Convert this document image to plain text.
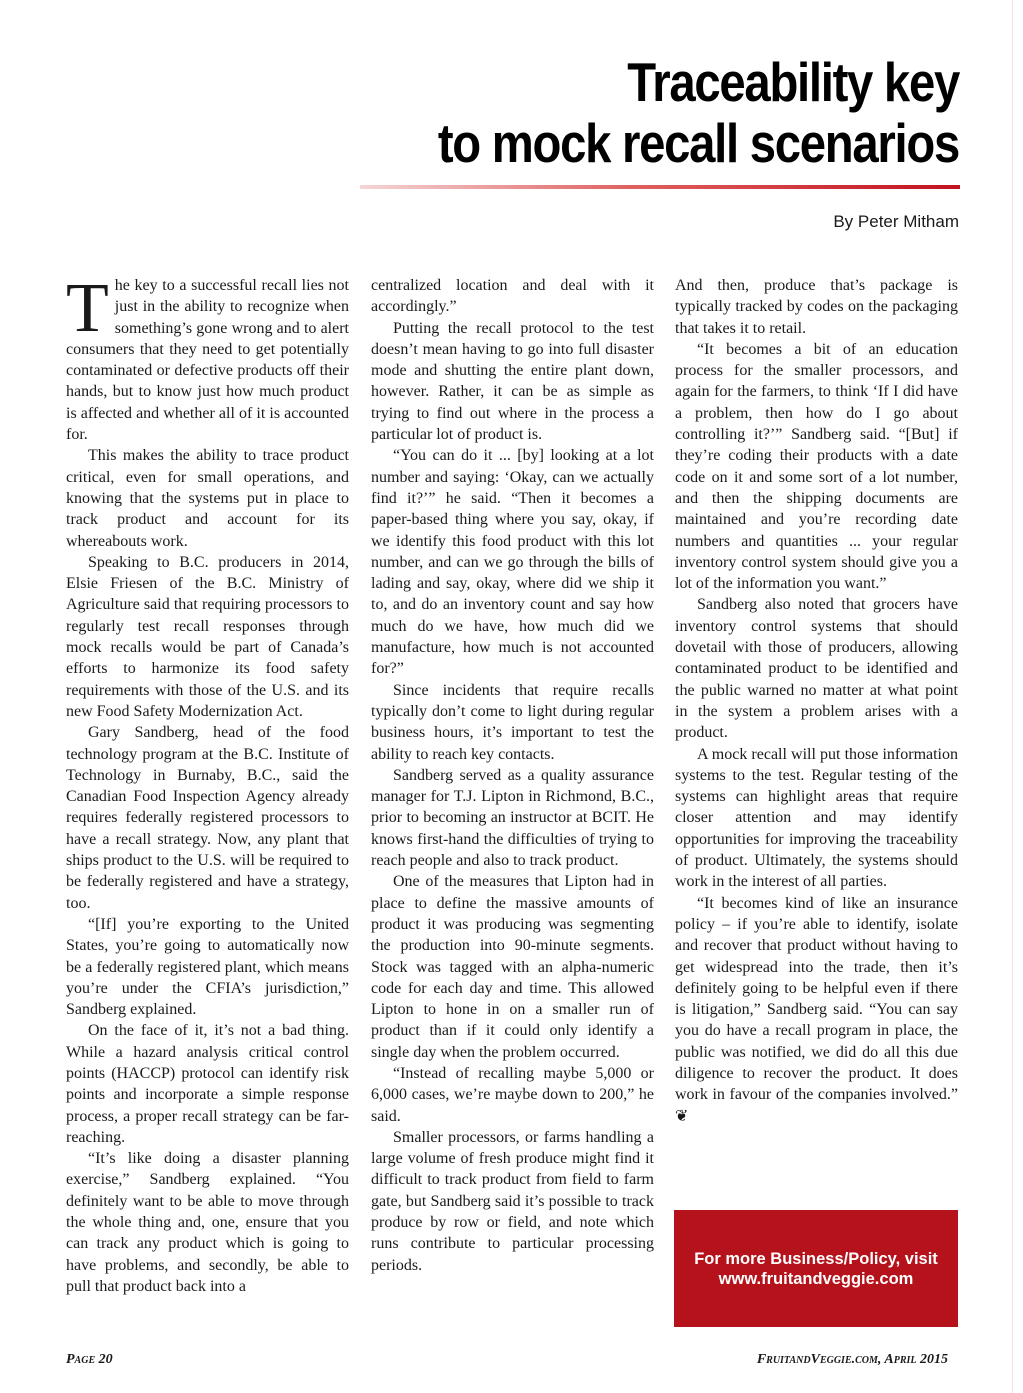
Traceability key
to mock recall scenarios
By Peter Mitham

The key to a successful recall lies not just in the ability to recognize when something’s gone wrong and to alert consumers that they need to get potentially contaminated or defective products off their hands, but to know just how much product is affected and whether all of it is accounted for.

This makes the ability to trace product critical, even for small operations, and knowing that the systems put in place to track product and account for its whereabouts work.

Speaking to B.C. producers in 2014, Elsie Friesen of the B.C. Ministry of Agriculture said that requiring processors to regularly test recall responses through mock recalls would be part of Canada’s efforts to harmonize its food safety requirements with those of the U.S. and its new Food Safety Modernization Act.

Gary Sandberg, head of the food technology program at the B.C. Institute of Technology in Burnaby, B.C., said the Canadian Food Inspection Agency already requires federally registered processors to have a recall strategy. Now, any plant that ships product to the U.S. will be required to be federally registered and have a strategy, too.

“[If] you’re exporting to the United States, you’re going to automatically now be a federally registered plant, which means you’re under the CFIA’s jurisdiction,” Sandberg explained.

On the face of it, it’s not a bad thing. While a hazard analysis critical control points (HACCP) protocol can identify risk points and incorporate a simple response process, a proper recall strategy can be far-reaching.

“It’s like doing a disaster planning exercise,” Sandberg explained. “You definitely want to be able to move through the whole thing and, one, ensure that you can track any product which is going to have problems, and secondly, be able to pull that product back into a

centralized location and deal with it accordingly.”

Putting the recall protocol to the test doesn’t mean having to go into full disaster mode and shutting the entire plant down, however. Rather, it can be as simple as trying to find out where in the process a particular lot of product is.

“You can do it ... [by] looking at a lot number and saying: ‘Okay, can we actually find it?’” he said. “Then it becomes a paper-based thing where you say, okay, if we identify this food product with this lot number, and can we go through the bills of lading and say, okay, where did we ship it to, and do an inventory count and say how much do we have, how much did we manufacture, how much is not accounted for?”

Since incidents that require recalls typically don’t come to light during regular business hours, it’s important to test the ability to reach key contacts.

Sandberg served as a quality assurance manager for T.J. Lipton in Richmond, B.C., prior to becoming an instructor at BCIT. He knows first-hand the difficulties of trying to reach people and also to track product.

One of the measures that Lipton had in place to define the massive amounts of product it was producing was segmenting the production into 90-minute segments. Stock was tagged with an alpha-numeric code for each day and time. This allowed Lipton to hone in on a smaller run of product than if it could only identify a single day when the problem occurred.

“Instead of recalling maybe 5,000 or 6,000 cases, we’re maybe down to 200,” he said.

Smaller processors, or farms handling a large volume of fresh produce might find it difficult to track product from field to farm gate, but Sandberg said it’s possible to track produce by row or field, and note which runs contribute to particular processing periods.

And then, produce that’s package is typically tracked by codes on the packaging that takes it to retail.

“It becomes a bit of an education process for the smaller processors, and again for the farmers, to think ‘If I did have a problem, then how do I go about controlling it?’” Sandberg said. “[But] if they’re coding their products with a date code on it and some sort of a lot number, and then the shipping documents are maintained and you’re recording date numbers and quantities ... your regular inventory control system should give you a lot of the information you want.”

Sandberg also noted that grocers have inventory control systems that should dovetail with those of producers, allowing contaminated product to be identified and the public warned no matter at what point in the system a problem arises with a product.

A mock recall will put those information systems to the test. Regular testing of the systems can highlight areas that require closer attention and may identify opportunities for improving the traceability of product. Ultimately, the systems should work in the interest of all parties.

“It becomes kind of like an insurance policy – if you’re able to identify, isolate and recover that product without having to get widespread into the trade, then it’s definitely going to be helpful even if there is litigation,” Sandberg said. “You can say you do have a recall program in place, the public was notified, we did do all this due diligence to recover the product. It does work in favour of the companies involved.” ❦

For more Business/Policy, visit
www.fruitandveggie.com
Page 20	FruitandVeggie.com, April 2015
